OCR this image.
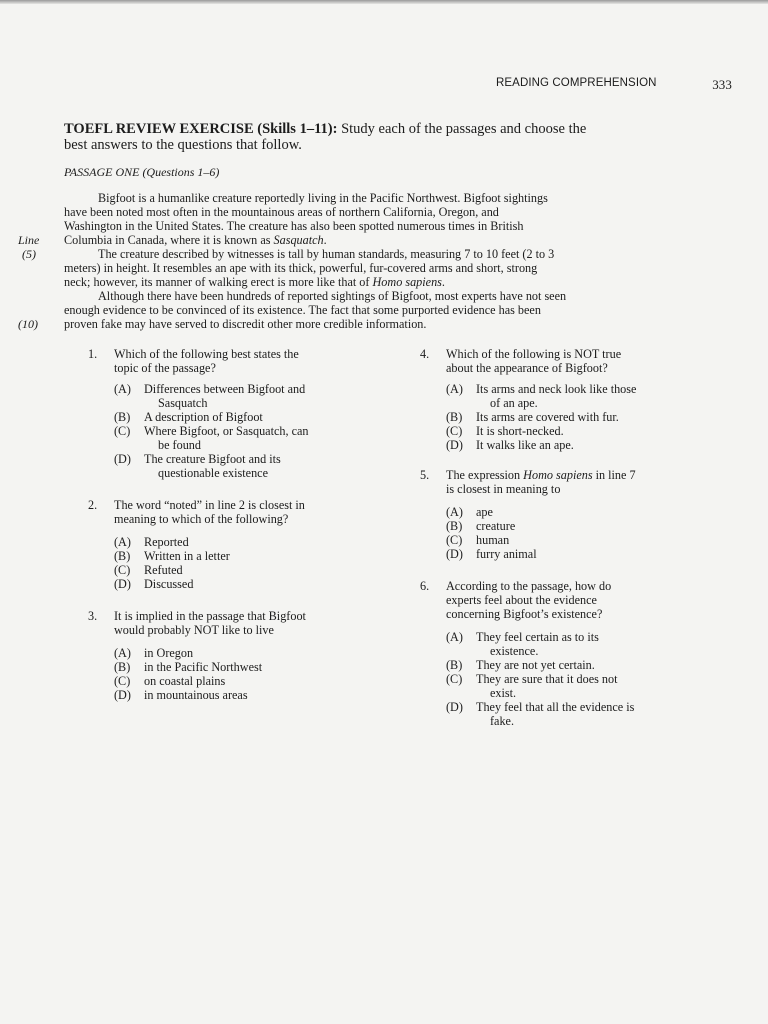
READING COMPREHENSION	333
TOEFL REVIEW EXERCISE (Skills 1–11): Study each of the passages and choose the
best answers to the questions that follow.
PASSAGE ONE (Questions 1–6)
Line
(5)
(10)

Bigfoot is a humanlike creature reportedly living in the Pacific Northwest. Bigfoot sightings

have been noted most often in the mountainous areas of northern California, Oregon, and
Washington in the United States. The creature has also been spotted numerous times in British
Columbia in Canada, where it is known as Sasquatch.

The creature described by witnesses is tall by human standards, measuring 7 to 10 feet (2 to 3

meters) in height. It resembles an ape with its thick, powerful, fur-covered arms and short, strong
neck; however, its manner of walking erect is more like that of Homo sapiens.

Although there have been hundreds of reported sightings of Bigfoot, most experts have not seen

enough evidence to be convinced of its existence. The fact that some purported evidence has been
proven fake may have served to discredit other more credible information.
1.	Which of the following best states the
topic of the passage?
(A) Differences between Bigfoot and
Sasquatch
(B) A description of Bigfoot
(C) Where Bigfoot, or Sasquatch, can
be found
(D) The creature Bigfoot and its
questionable existence
2.	The word “noted” in line 2 is closest in
meaning to which of the following?
(A) Reported
(B) Written in a letter
(C) Refuted
(D) Discussed
3.	It is implied in the passage that Bigfoot
would probably NOT like to live
(A) in Oregon
(B) in the Pacific Northwest
(C) on coastal plains
(D) in mountainous areas
4.	Which of the following is NOT true
about the appearance of Bigfoot?
(A) Its arms and neck look like those
of an ape.
(B) Its arms are covered with fur.
(C) It is short-necked.
(D) It walks like an ape.
5.	The expression Homo sapiens in line 7
is closest in meaning to
(A) ape
(B) creature
(C) human
(D) furry animal
6.	According to the passage, how do
experts feel about the evidence
concerning Bigfoot’s existence?
(A) They feel certain as to its
existence.
(B) They are not yet certain.
(C) They are sure that it does not
exist.
(D) They feel that all the evidence is
fake.
